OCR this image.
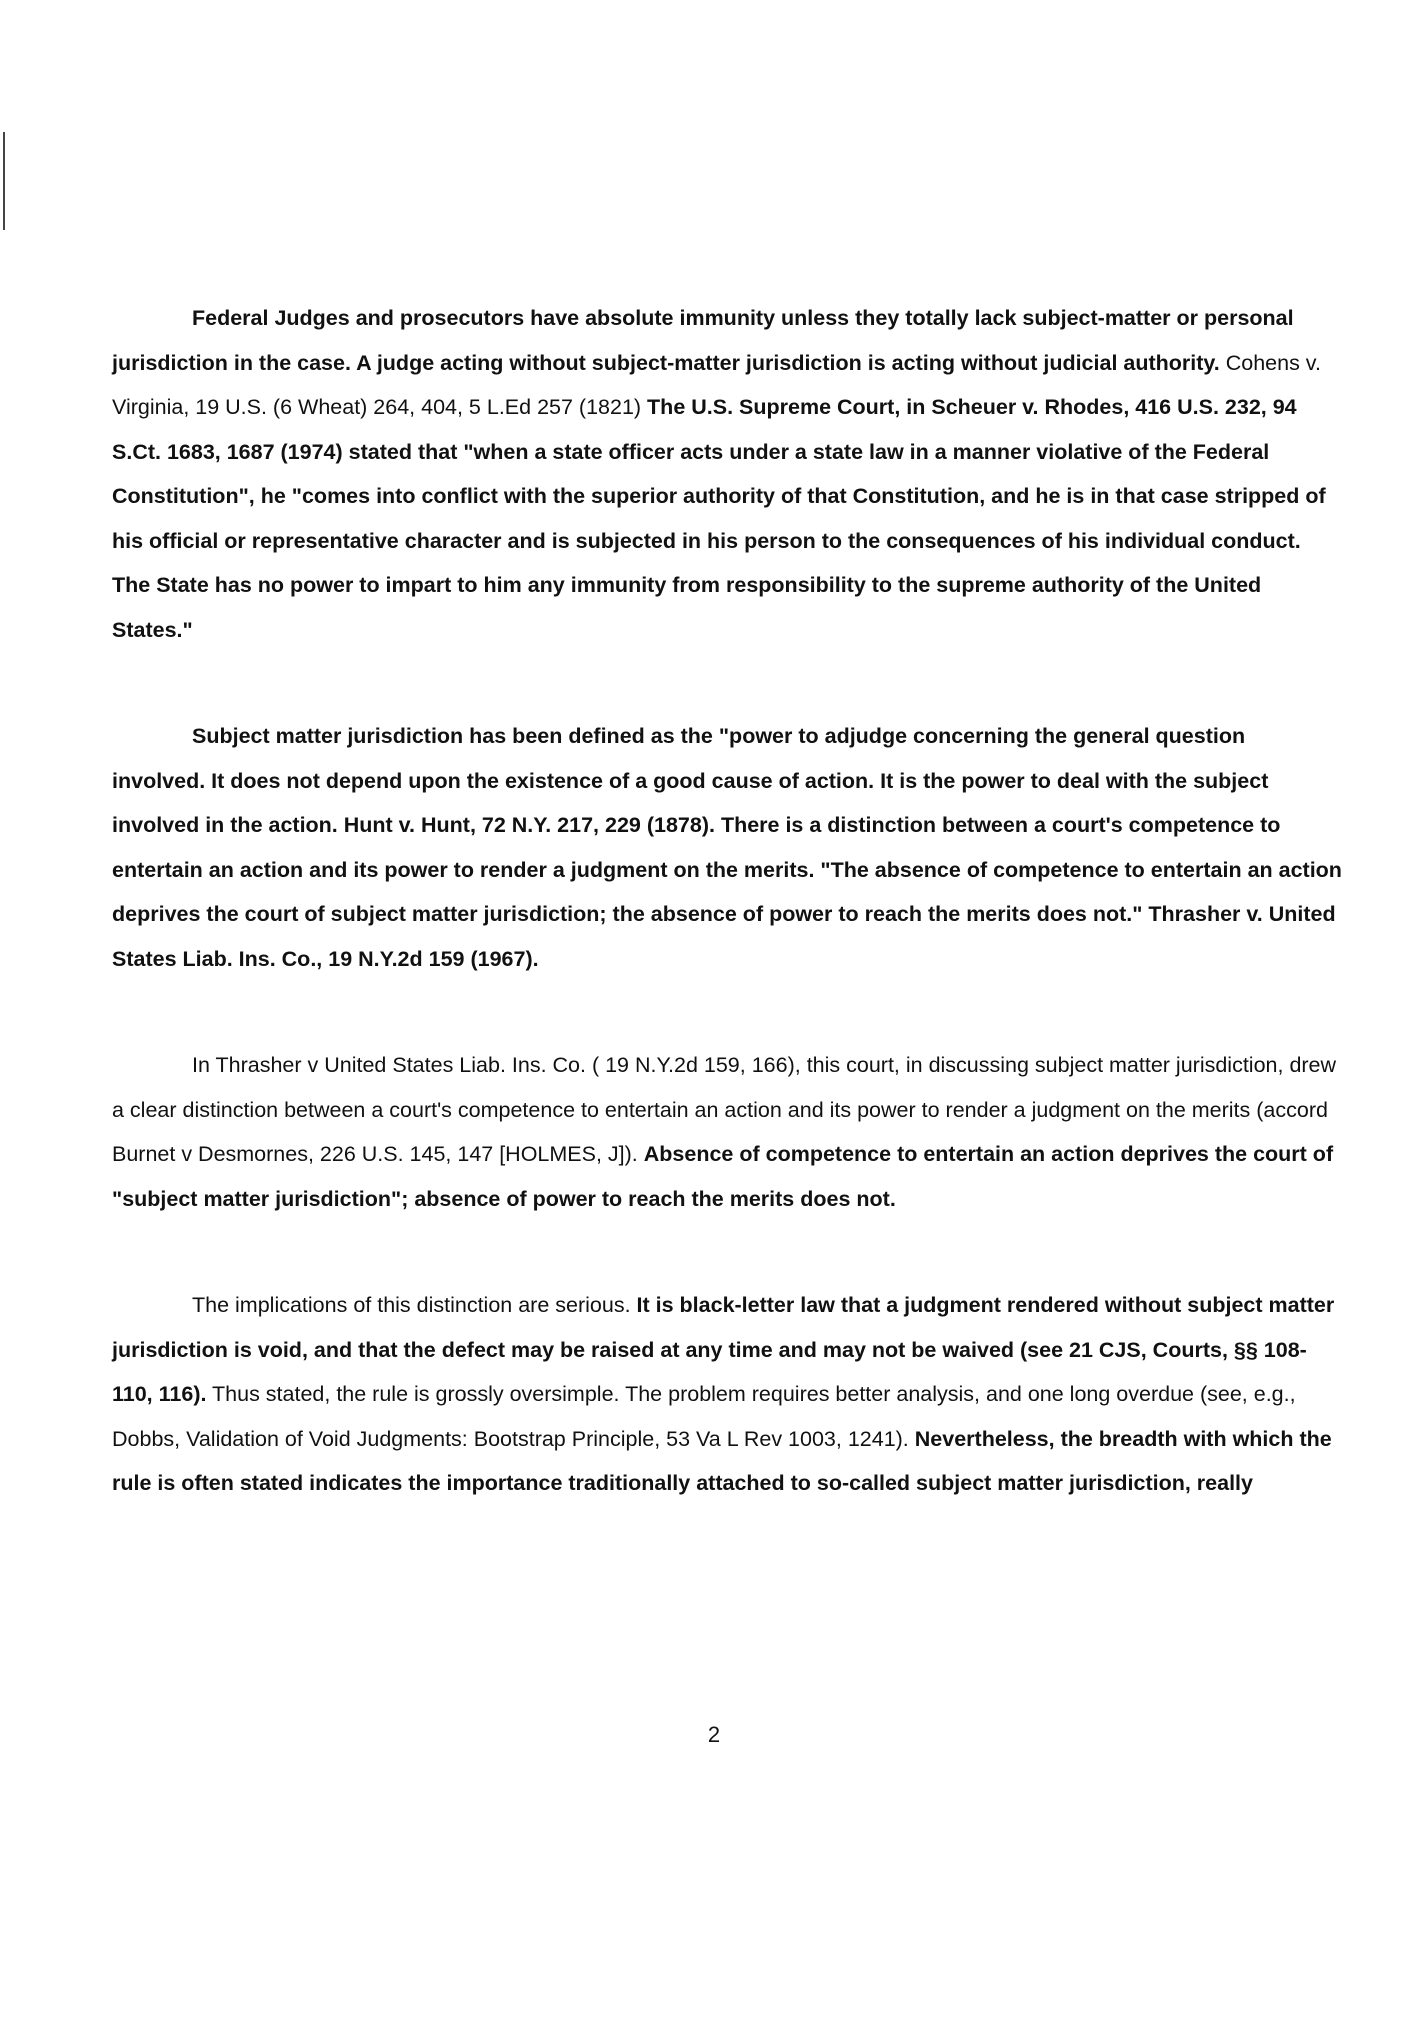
Federal Judges and prosecutors have absolute immunity unless they totally lack subject-matter or personal jurisdiction in the case. A judge acting without subject-matter jurisdiction is acting without judicial authority. Cohens v. Virginia, 19 U.S. (6 Wheat) 264, 404, 5 L.Ed 257 (1821) The U.S. Supreme Court, in Scheuer v. Rhodes, 416 U.S. 232, 94 S.Ct. 1683, 1687 (1974) stated that "when a state officer acts under a state law in a manner violative of the Federal Constitution", he "comes into conflict with the superior authority of that Constitution, and he is in that case stripped of his official or representative character and is subjected in his person to the consequences of his individual conduct. The State has no power to impart to him any immunity from responsibility to the supreme authority of the United States."

Subject matter jurisdiction has been defined as the "power to adjudge concerning the general question involved. It does not depend upon the existence of a good cause of action. It is the power to deal with the subject involved in the action. Hunt v. Hunt, 72 N.Y. 217, 229 (1878). There is a distinction between a court's competence to entertain an action and its power to render a judgment on the merits. "The absence of competence to entertain an action deprives the court of subject matter jurisdiction; the absence of power to reach the merits does not." Thrasher v. United States Liab. Ins. Co., 19 N.Y.2d 159 (1967).

In Thrasher v United States Liab. Ins. Co. ( 19 N.Y.2d 159, 166), this court, in discussing subject matter jurisdiction, drew a clear distinction between a court's competence to entertain an action and its power to render a judgment on the merits (accord Burnet v Desmornes, 226 U.S. 145, 147 [HOLMES, J]). Absence of competence to entertain an action deprives the court of "subject matter jurisdiction"; absence of power to reach the merits does not.

The implications of this distinction are serious. It is black-letter law that a judgment rendered without subject matter jurisdiction is void, and that the defect may be raised at any time and may not be waived (see 21 CJS, Courts, §§ 108-110, 116). Thus stated, the rule is grossly oversimple. The problem requires better analysis, and one long overdue (see, e.g., Dobbs, Validation of Void Judgments: Bootstrap Principle, 53 Va L Rev 1003, 1241). Nevertheless, the breadth with which the rule is often stated indicates the importance traditionally attached to so-called subject matter jurisdiction, really

2
